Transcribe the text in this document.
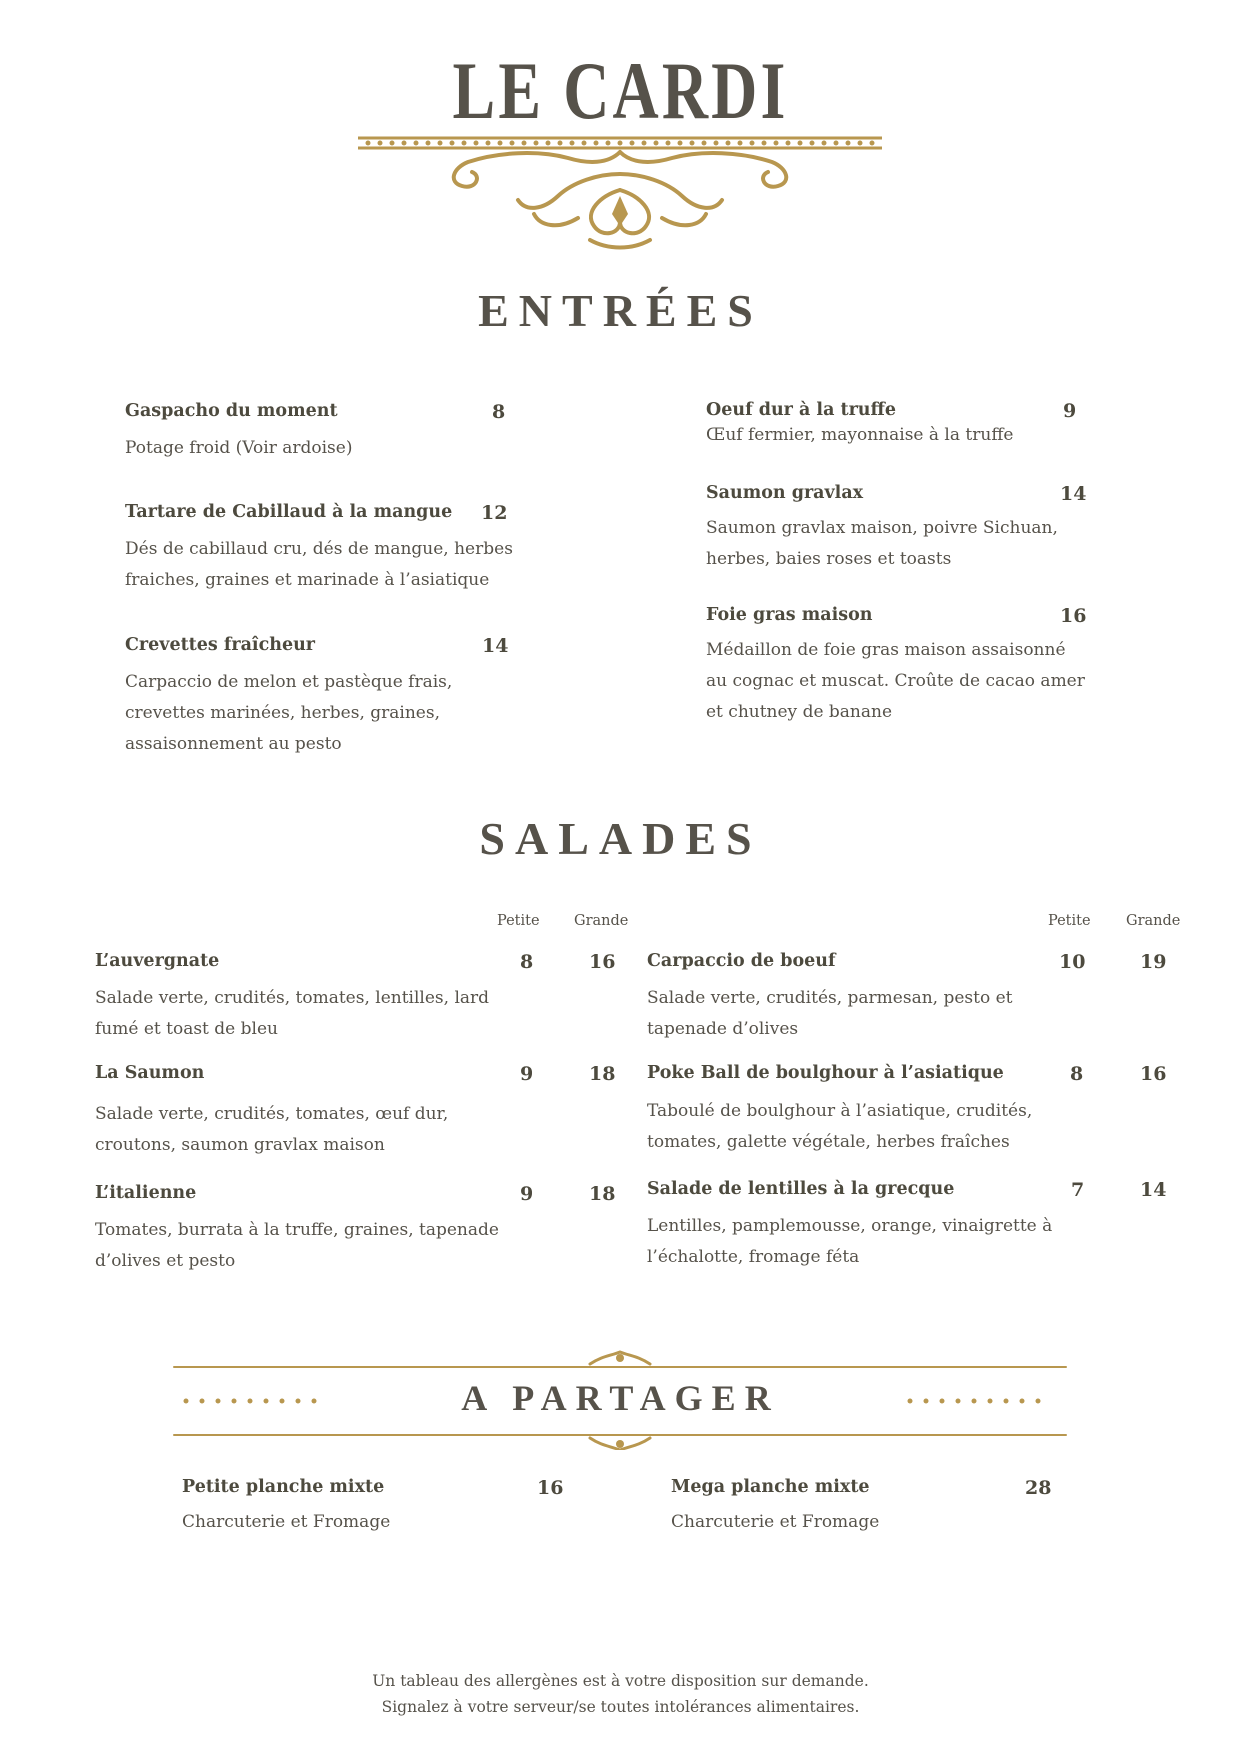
LE CARDI
ENTRÉES
Gaspacho du moment	8
Potage froid (Voir ardoise)
Tartare de Cabillaud à la mangue 12
Dés de cabillaud cru, dés de mangue, herbes fraiches, graines et marinade à l’asiatique
Crevettes fraîcheur	14
Carpaccio de melon et pastèque frais, crevettes marinées, herbes, graines, assaisonnement au pesto
Oeuf dur à la truffe	9
Œuf fermier, mayonnaise à la truffe
Saumon gravlax	14
Saumon gravlax maison, poivre Sichuan, herbes, baies roses et toasts
Foie gras maison	16
Médaillon de foie gras maison assaisonné au cognac et muscat. Croûte de cacao amer et chutney de banane
SALADES
Petite Grande	Petite Grande
L’auvergnate	8	16
Salade verte, crudités, tomates, lentilles, lard fumé et toast de bleu
La Saumon	9	18
Salade verte, crudités, tomates, œuf dur, croutons, saumon gravlax maison
L’italienne	9	18
Tomates, burrata à la truffe, graines, tapenade d’olives et pesto
Carpaccio de boeuf	10	19
Salade verte, crudités, parmesan, pesto et tapenade d’olives
Poke Ball de boulghour à l’asiatique	8	16
Taboulé de boulghour à l’asiatique, crudités, tomates, galette végétale, herbes fraîches
Salade de lentilles à la grecque	7	14
Lentilles, pamplemousse, orange, vinaigrette à l’échalotte, fromage féta
A PARTAGER
Petite planche mixte	16
Charcuterie et Fromage
Mega planche mixte	28
Charcuterie et Fromage
Un tableau des allergènes est à votre disposition sur demande.
Signalez à votre serveur/se toutes intolérances alimentaires.
